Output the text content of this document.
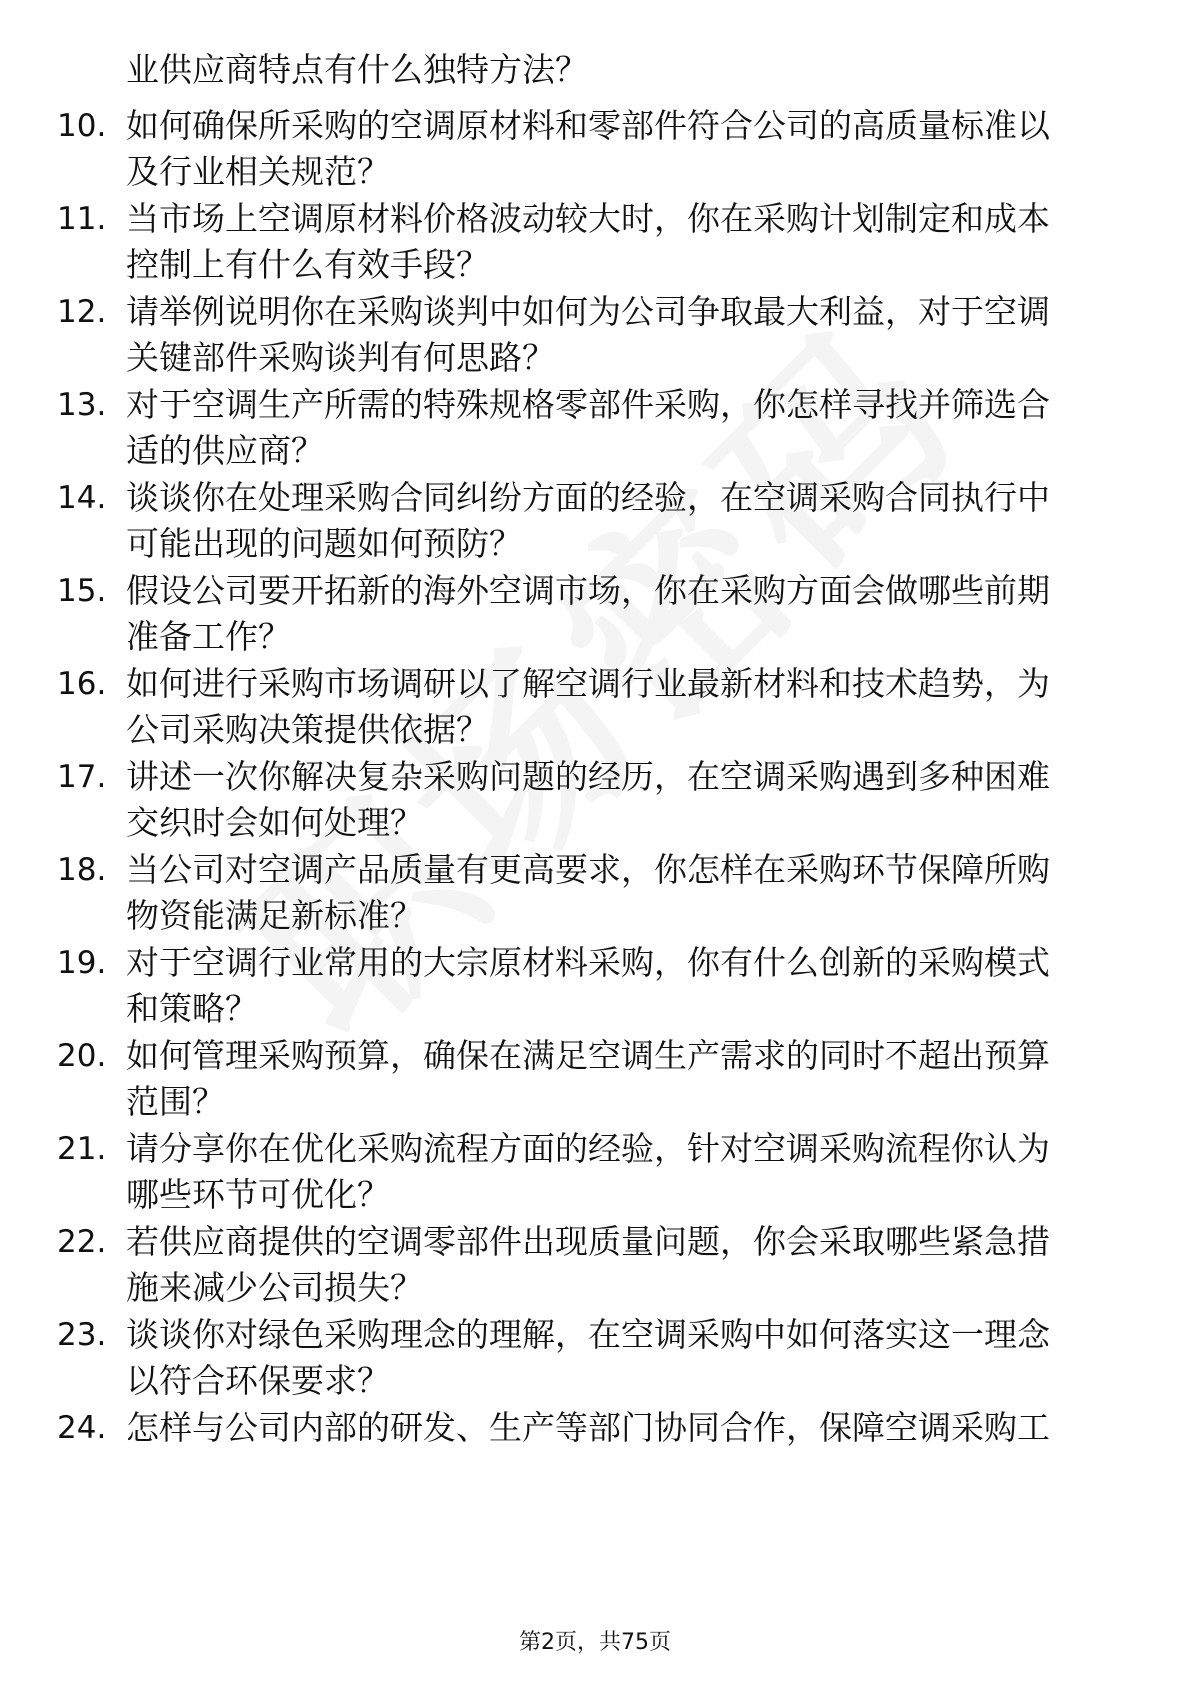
业供应商特点有什么独特方法？
10. 如何确保所采购的空调原材料和零部件符合公司的高质量标准以
及行业相关规范？
11. 当市场上空调原材料价格波动较大时，你在采购计划制定和成本
控制上有什么有效手段？
12. 请举例说明你在采购谈判中如何为公司争取最大利益，对于空调
关键部件采购谈判有何思路？
13. 对于空调生产所需的特殊规格零部件采购，你怎样寻找并筛选合
适的供应商？
14. 谈谈你在处理采购合同纠纷方面的经验，在空调采购合同执行中
可能出现的问题如何预防？
15. 假设公司要开拓新的海外空调市场，你在采购方面会做哪些前期
准备工作？
16. 如何进行采购市场调研以了解空调行业最新材料和技术趋势，为
公司采购决策提供依据？
17. 讲述一次你解决复杂采购问题的经历，在空调采购遇到多种困难
交织时会如何处理？
18. 当公司对空调产品质量有更高要求，你怎样在采购环节保障所购
物资能满足新标准？
19. 对于空调行业常用的大宗原材料采购，你有什么创新的采购模式
和策略？
20. 如何管理采购预算，确保在满足空调生产需求的同时不超出预算
范围？
21. 请分享你在优化采购流程方面的经验，针对空调采购流程你认为
哪些环节可优化？
22. 若供应商提供的空调零部件出现质量问题，你会采取哪些紧急措
施来减少公司损失？
23. 谈谈你对绿色采购理念的理解，在空调采购中如何落实这一理念
以符合环保要求？
24. 怎样与公司内部的研发、生产等部门协同合作，保障空调采购工
第2页，共75页
